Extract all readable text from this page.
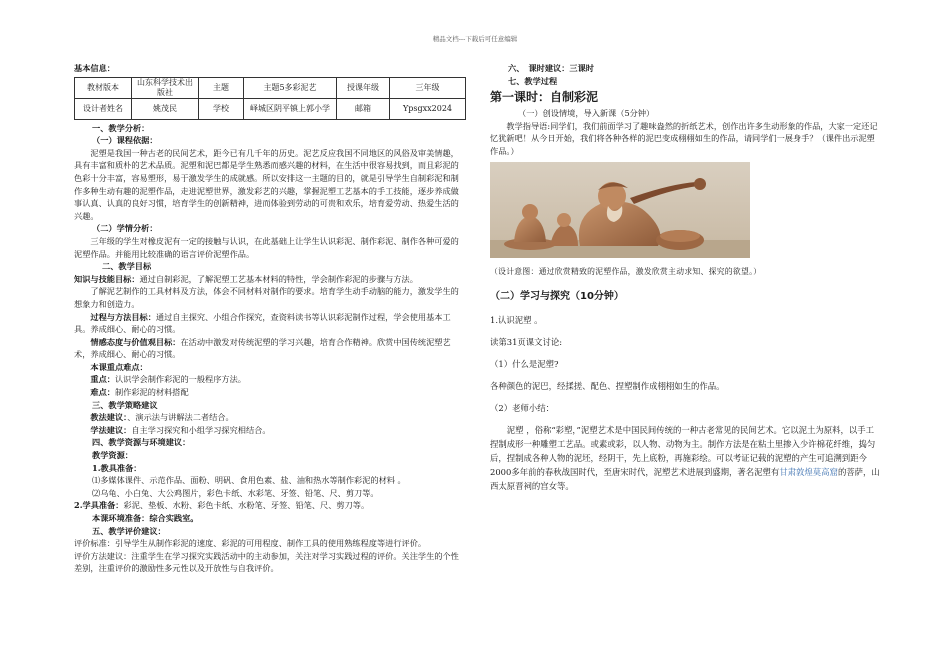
精品文档---下载后可任意编辑

基本信息：

教材版本	山东科学技术出版社	主题	主题5多彩泥艺	授课年级	三年级
设计者姓名	姚茂民	学校	峄城区阴平镇上郭小学	邮箱	Ypsgxx2024

一、教学分析：

（一）课程依据：

泥塑是我国一种古老的民间艺术，距今已有几千年的历史。泥艺反应我国不同地区的风俗及审美情趣，具有丰富和质朴的艺术品质。泥塑和泥巴都是学生熟悉而感兴趣的材料，在生活中很容易找到，而且彩泥的色彩十分丰富，容易塑形，易于激发学生的成就感。所以安排这一主题的目的，就是引导学生自制彩泥和制作多种生动有趣的泥塑作品，走进泥塑世界，激发彩艺的兴趣，掌握泥塑工艺基本的手工技能，逐步养成做事认真、认真的良好习惯，培育学生的创新精神，进而体验到劳动的可贵和欢乐，培育爱劳动、热爱生活的兴趣。

（二）学情分析：

三年级的学生对橡皮泥有一定的接触与认识，在此基础上让学生认识彩泥、制作彩泥、制作各种可爱的泥塑作品。并能用比较准确的语言评价泥塑作品。

二、教学目标

知识与技能目标：通过自制彩泥，了解泥塑工艺基本材料的特性，学会制作彩泥的步骤与方法。

了解泥艺制作的工具材料及方法，体会不同材料对制作的要求。培育学生动手动脑的能力，激发学生的想象力和创造力。

过程与方法目标：通过自主探究、小组合作探究，查资料读书等认识彩泥制作过程，学会使用基本工具。养成细心、耐心的习惯。

情感态度与价值观目标：在活动中激发对传统泥塑的学习兴趣，培育合作精神。欣赏中国传统泥塑艺术，养成细心、耐心的习惯。

本课重点难点：

重点：认识学会制作彩泥的一般程序方法。

难点：制作彩泥的材料搭配

三、教学策略建议

教法建议：、演示法与讲解法二者结合。

学法建议：自主学习探究和小组学习探究相结合。

四、教学资源与环境建议：

教学资源：

1.教具准备：

⑴多媒体课件、示范作品、面粉、明矾、食用色素、盐、油和热水等制作彩泥的材料 。

⑵乌龟、小白兔、大公鸡图片，彩色卡纸、水彩笔、牙签、铅笔、尺、剪刀等。

2.学具准备：彩泥、垫板、水粉、彩色卡纸、水粉笔、牙签、铅笔、尺、剪刀等。

本课环境准备：综合实践室。

五、教学评价建议：

评价标准：引导学生从制作彩泥的速度、彩泥的可用程度、制作工具的使用熟练程度等进行评价。

评价方法建议：注重学生在学习探究实践活动中的主动参加，关注对学习实践过程的评价。关注学生的个性差别，注重评价的激励性多元性以及开放性与自我评价。

六、　课时建议：三课时

七、教学过程

第一课时：自制彩泥

（一）创设情境，导入新课（5分钟）

教学指导语:同学们，我们前面学习了趣味盎然的折纸艺术，创作出许多生动形象的作品，大家一定还记忆犹新吧！从今日开始，我们将各种各样的泥巴变成栩栩如生的作品，请同学们一展身手？（课件出示泥塑作品。）

（设计意图：通过欣赏精致的泥塑作品，激发欣赏主动求知、探究的欲望。）

（二）学习与探究（10分钟）

1.认识泥塑 。

读第31页课文讨论:

（1）什么是泥塑?

各种颜色的泥巴，经揉搓、配色、捏塑制作成栩栩如生的作品。

（2）老师小结：

泥塑 ，俗称“彩塑，”泥塑艺术是中国民间传统的一种古老常见的民间艺术。它以泥土为原料，以手工捏制成形一种雕塑工艺品。或素或彩，以人物、动物为主。制作方法是在粘土里掺入少许棉花纤维，捣匀后，捏制成各种人物的泥坯，经阴干，先上底粉，再施彩绘。可以考证记载的泥塑的产生可追溯到距今2000多年前的春秋战国时代，至唐宋时代，泥塑艺术进展到盛期，著名泥塑有甘肃敦煌莫高窟的菩萨，山西太原晋祠的宫女等。
